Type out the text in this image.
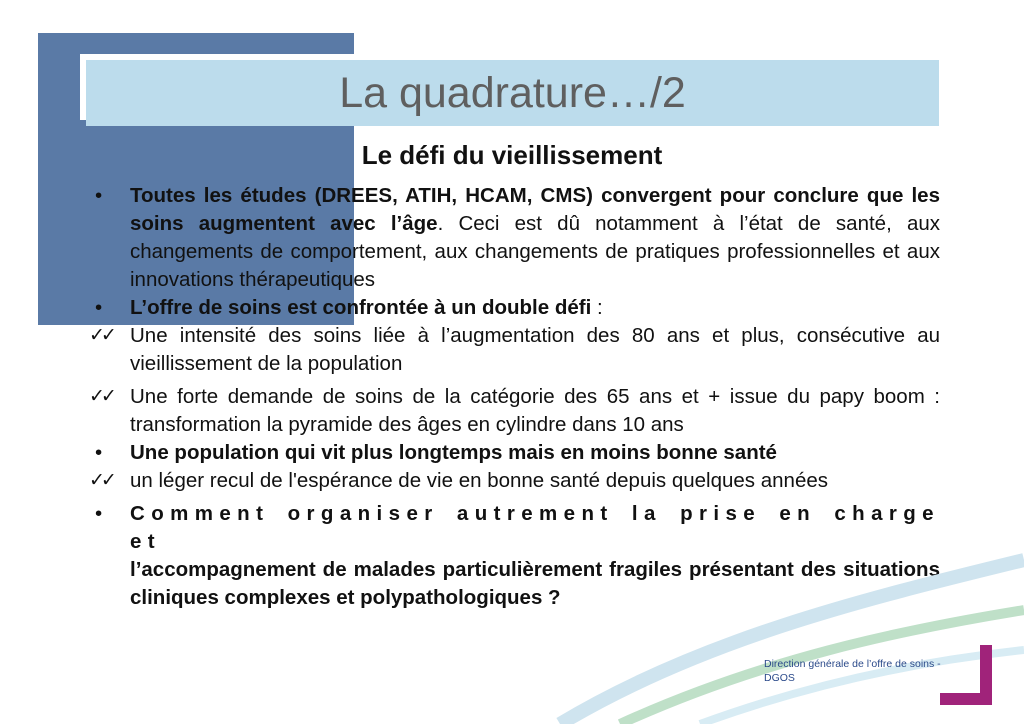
La quadrature…/2
Le défi du vieillissement

• Toutes les études (DREES, ATIH, HCAM, CMS) convergent pour conclure que les soins augmentent avec l’âge. Ceci est dû notamment à l’état de santé, aux changements de comportement, aux changements de pratiques professionnelles et aux innovations thérapeutiques

• L’offre de soins est confrontée à un double défi :

✓✓ Une intensité des soins liée à l’augmentation des 80 ans et plus, consécutive au vieillissement de la population

✓✓ Une forte demande de soins de la catégorie des 65 ans et + issue du papy boom : transformation la pyramide des âges en cylindre dans 10 ans

• Une population qui vit plus longtemps mais en moins bonne santé

✓✓ un léger recul de l'espérance de vie en bonne santé depuis quelques années

• Comment organiser autrement la prise en charge et
l’accompagnement de malades particulièrement fragiles présentant des situations cliniques complexes et polypathologiques ?

Direction générale de l’offre de soins - DGOS
